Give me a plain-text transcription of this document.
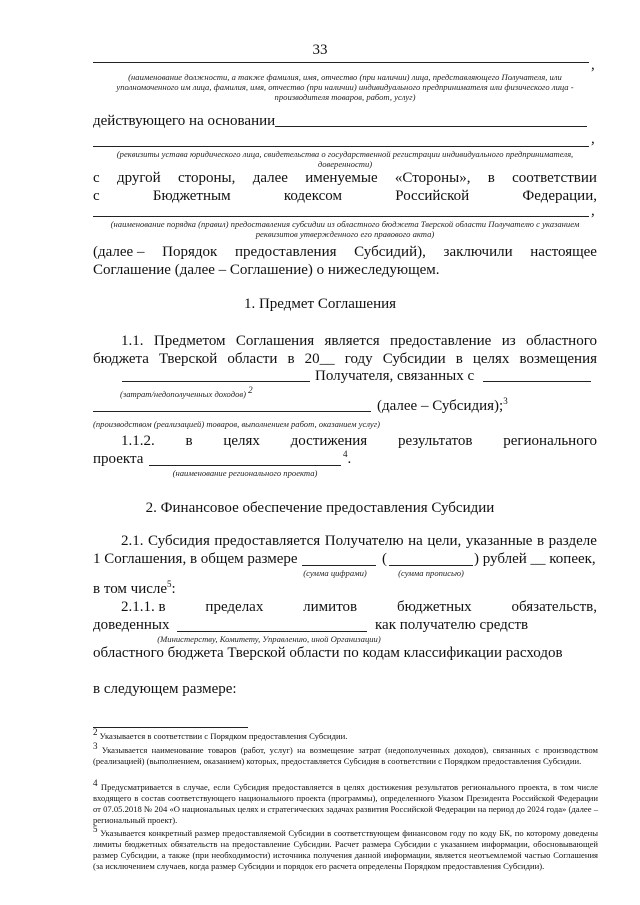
33
,
(наименование должности, а также фамилия, имя, отчество (при наличии) лица, представляющего Получателя, или уполномоченного им лица, фамилия, имя, отчество (при наличии) индивидуального предпринимателя или физического лица - производителя товаров, работ, услуг)
действующего на основании
,
(реквизиты устава юридического лица, свидетельства о государственной регистрации индивидуального предпринимателя, доверенности)
с другой стороны, далее именуемые «Стороны», в соответствии
с	Бюджетным	кодексом	Российской	Федерации,
,
(наименование порядка (правил) предоставления субсидии из областного бюджета Тверской области Получателю с указанием реквизитов утвержденного его правового акта)
(далее – Порядок предоставления Субсидий), заключили настоящее
Соглашение (далее – Соглашение) о нижеследующем.
1. Предмет Соглашения
1.1. Предметом Соглашения является предоставление из областного
бюджета Тверской области в 20__ году Субсидии в целях возмещения
Получателя, связанных с
(затрат/недополученных доходов) $^2$
(далее – Субсидия);$^3$
(производством (реализацией) товаров, выполнением работ, оказанием услуг)
1.1.2. в целях достижения результатов регионального
проекта	$^4$.
(наименование регионального проекта)
2. Финансовое обеспечение предоставления Субсидии
2.1. Субсидия предоставляется Получателю на цели, указанные в разделе
1 Соглашения, в общем размере	(	) рублей __ копеек,
(сумма цифрами)	(сумма прописью)
в том числе$^5$:
2.1.1. в	пределах	лимитов	бюджетных	обязательств,
доведенных	как получателю средств
(Министерству, Комитету, Управлению, иной Организации)
областного бюджета Тверской области по кодам классификации расходов
в следующем размере:
$^2$ Указывается в соответствии с Порядком предоставления Субсидии.
$^3$ Указывается наименование товаров (работ, услуг) на возмещение затрат (недополученных доходов), связанных с производством (реализацией) (выполнением, оказанием) которых, предоставляется Субсидия в соответствии с Порядком предоставления Субсидии.
$^4$ Предусматривается в случае, если Субсидия предоставляется в целях достижения результатов регионального проекта, в том числе входящего в состав соответствующего национального проекта (программы), определенного Указом Президента Российской Федерации от 07.05.2018 № 204 «О национальных целях и стратегических задачах развития Российской Федерации на период до 2024 года» (далее – региональный проект).
$^5$ Указывается конкретный размер предоставляемой Субсидии в соответствующем финансовом году по коду БК, по которому доведены лимиты бюджетных обязательств на предоставление Субсидии. Расчет размера Субсидии с указанием информации, обосновывающей размер Субсидии, а также (при необходимости) источника получения данной информации, является неотъемлемой частью Соглашения (за исключением случаев, когда размер Субсидии и порядок его расчета определены Порядком предоставления Субсидии).
